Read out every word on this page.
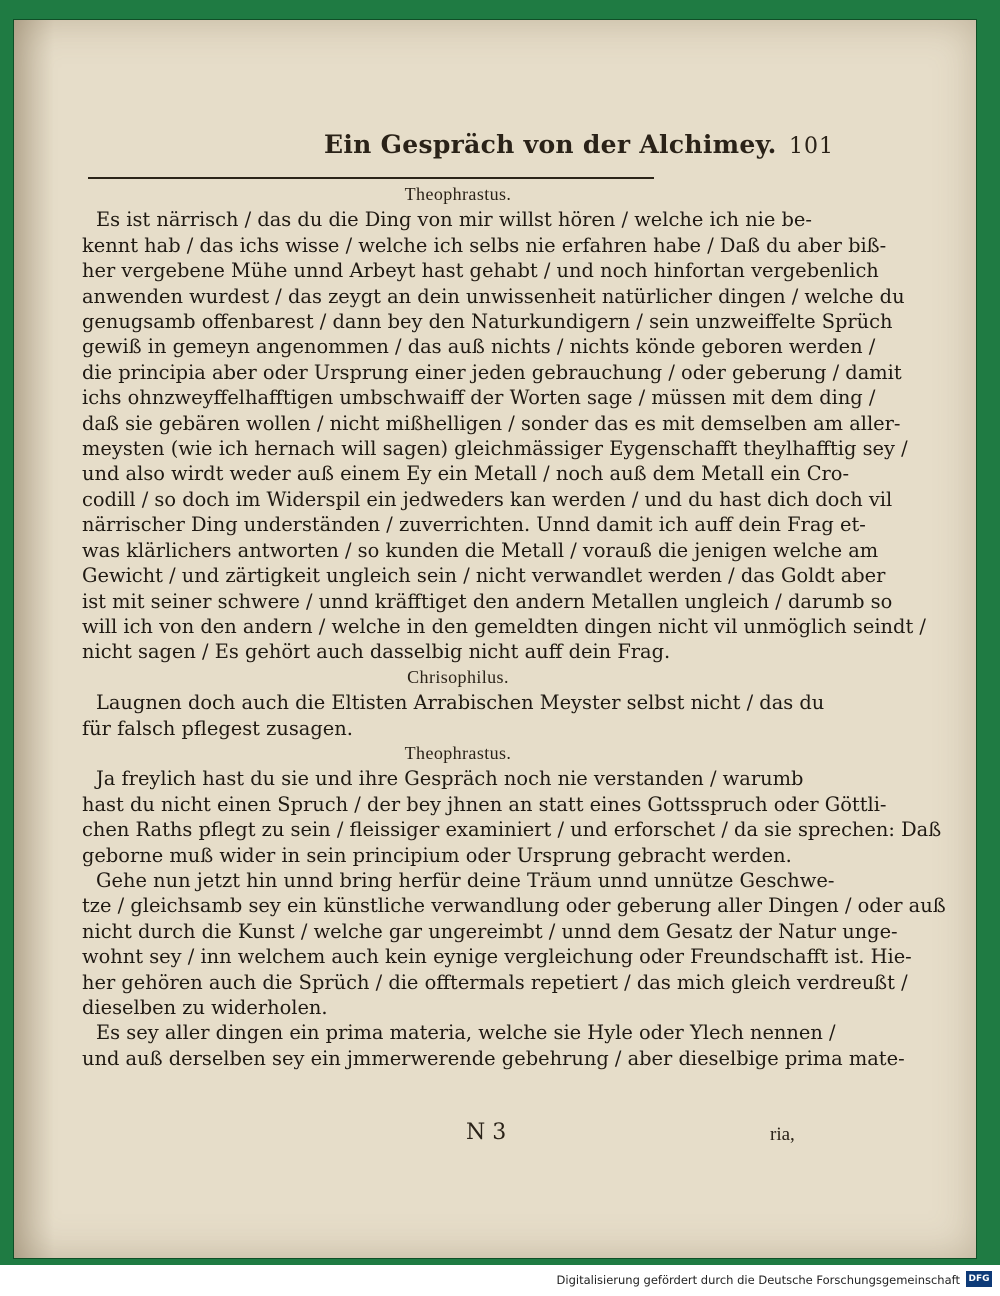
Ein Gespräch von der Alchimey. 101
Theophrastus.
Es ist närrisch / das du die Ding von mir willst hören / welche ich nie be-
kennt hab / das ichs wisse / welche ich selbs nie erfahren habe / Daß du aber biß-
her vergebene Mühe unnd Arbeyt hast gehabt / und noch hinfortan vergebenlich
anwenden wurdest / das zeygt an dein unwissenheit natürlicher dingen / welche du
genugsamb offenbarest / dann bey den Naturkundigern / sein unzweiffelte Sprüch
gewiß in gemeyn angenommen / das auß nichts / nichts könde geboren werden /
die principia aber oder Ursprung einer jeden gebrauchung / oder geberung / damit
ichs ohnzweyffelhafftigen umbschwaiff der Worten sage / müssen mit dem ding /
daß sie gebären wollen / nicht mißhelligen / sonder das es mit demselben am aller-
meysten (wie ich hernach will sagen) gleichmässiger Eygenschafft theylhafftig sey /
und also wirdt weder auß einem Ey ein Metall / noch auß dem Metall ein Cro-
codill / so doch im Widerspil ein jedweders kan werden / und du hast dich doch vil
närrischer Ding underständen / zuverrichten. Unnd damit ich auff dein Frag et-
was klärlichers antworten / so kunden die Metall / vorauß die jenigen welche am
Gewicht / und zärtigkeit ungleich sein / nicht verwandlet werden / das Goldt aber
ist mit seiner schwere / unnd kräfftiget den andern Metallen ungleich / darumb so
will ich von den andern / welche in den gemeldten dingen nicht vil unmöglich seindt /
nicht sagen / Es gehört auch dasselbig nicht auff dein Frag.
Chrisophilus.
Laugnen doch auch die Eltisten Arrabischen Meyster selbst nicht / das du
für falsch pflegest zusagen.
Theophrastus.
Ja freylich hast du sie und ihre Gespräch noch nie verstanden / warumb
hast du nicht einen Spruch / der bey jhnen an statt eines Gottsspruch oder Göttli-
chen Raths pflegt zu sein / fleissiger examiniert / und erforschet / da sie sprechen: Daß
geborne muß wider in sein principium oder Ursprung gebracht werden.
Gehe nun jetzt hin unnd bring herfür deine Träum unnd unnütze Geschwe-
tze / gleichsamb sey ein künstliche verwandlung oder geberung aller Dingen / oder auß
nicht durch die Kunst / welche gar ungereimbt / unnd dem Gesatz der Natur unge-
wohnt sey / inn welchem auch kein eynige vergleichung oder Freundschafft ist. Hie-
her gehören auch die Sprüch / die offtermals repetiert / das mich gleich verdreußt /
dieselben zu widerholen.
Es sey aller dingen ein prima materia, welche sie Hyle oder Ylech nennen /
und auß derselben sey ein jmmerwerende gebehrung / aber dieselbige prima mate-
N 3	ria,
Digitalisierung gefördert durch die Deutsche Forschungsgemeinschaft DFG
